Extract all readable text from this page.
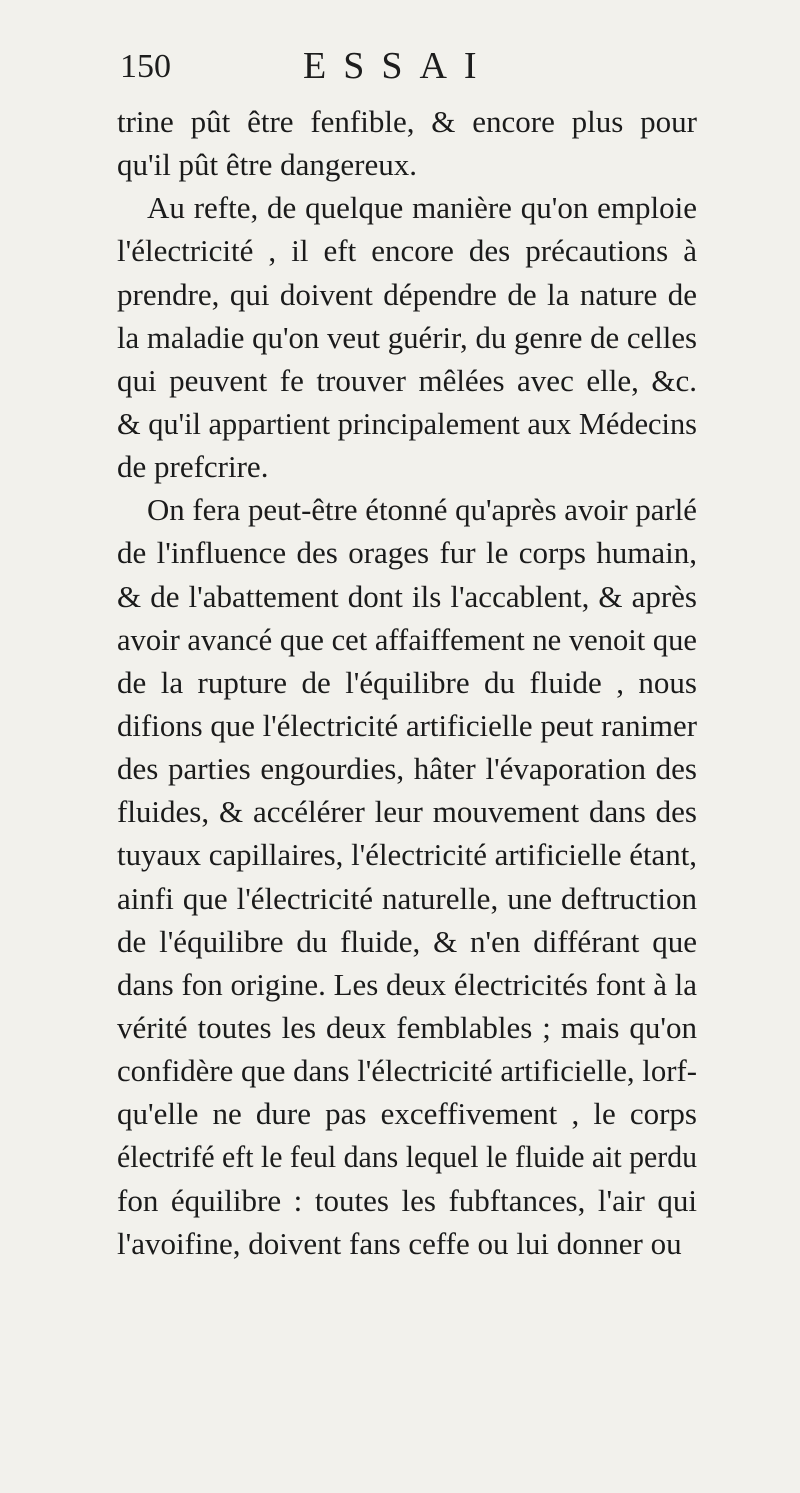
150	ESSAI
trine pût être fenfible, & encore plus pour
qu'il pût être dangereux.
Au refte, de quelque manière qu'on emploie
l'électricité , il eft encore des précautions à
prendre, qui doivent dépendre de la nature de
la maladie qu'on veut guérir, du genre de celles
qui peuvent fe trouver mêlées avec elle, &c.
& qu'il appartient principalement aux Médecins
de prefcrire.
On fera peut-être étonné qu'après avoir parlé
de l'influence des orages fur le corps humain,
& de l'abattement dont ils l'accablent, & après
avoir avancé que cet affaiffement ne venoit que
de la rupture de l'équilibre du fluide , nous
difions que l'électricité artificielle peut ranimer
des parties engourdies, hâter l'évaporation des
fluides, & accélérer leur mouvement dans des
tuyaux capillaires, l'électricité artificielle étant,
ainfi que l'électricité naturelle, une deftruction
de l'équilibre du fluide, & n'en différant que
dans fon origine. Les deux électricités font à la
vérité toutes les deux femblables ; mais qu'on
confidère que dans l'électricité artificielle, lorf-
qu'elle ne dure pas exceffivement , le corps
électrifé eft le feul dans lequel le fluide ait perdu
fon équilibre : toutes les fubftances, l'air qui
l'avoifine, doivent fans ceffe ou lui donner ou
